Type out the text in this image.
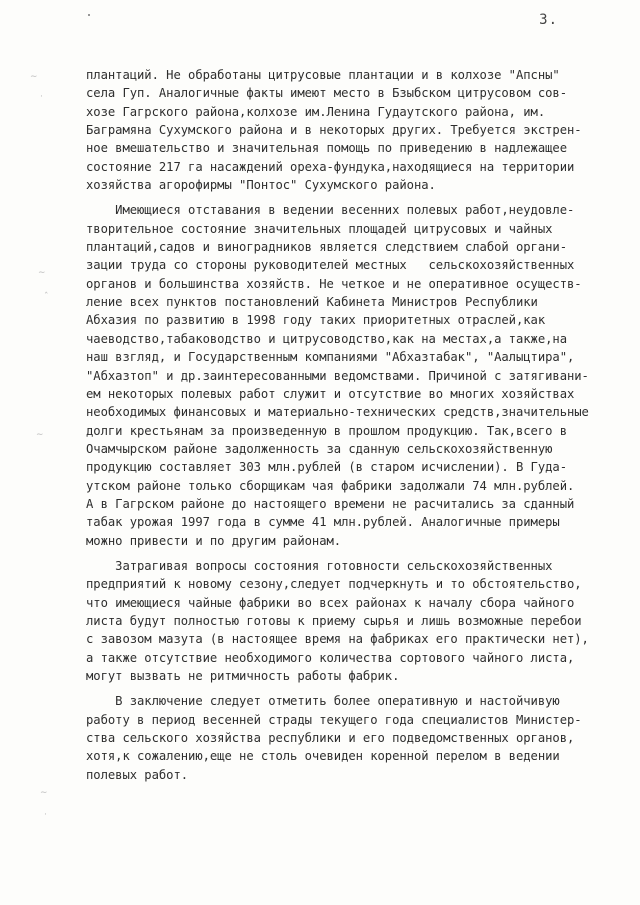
3.
∼
‧
∼
ˆ
∼
∼
‧
плантаций. Не обработаны цитрусовые плантации и в колхозе "Апсны"
села Гуп. Аналогичные факты имеют место в Бзыбском цитрусовом сов-
хозе Гагрского района,колхозе им.Ленина Гудаутского района, им.
Баграмяна Сухумского района и в некоторых других. Требуется экстрен-
ное вмешательство и значительная помощь по приведению в надлежащее
состояние 217 га насаждений ореха-фундука,находящиеся на территории
хозяйства агорофирмы "Понтос" Сухумского района.
Имеющиеся отставания в ведении весенних полевых работ,неудовле-
творительное состояние значительных площадей цитрусовых и чайных
плантаций,садов и виноградников является следствием слабой органи-
зации труда со стороны руководителей местных   сельскохозяйственных
органов и большинства хозяйств. Не четкое и не оперативное осуществ-
ление всех пунктов постановлений Кабинета Министров Республики
Абхазия по развитию в 1998 году таких приоритетных отраслей,как
чаеводство,табаководство и цитрусоводство,как на местах,а также,на
наш взгляд, и Государственным компаниями "Абхазтабак", "Аалыцтира",
"Абхазтоп" и др.заинтересованными ведомствами. Причиной с затягивани-
ем некоторых полевых работ служит и отсутствие во многих хозяйствах
необходимых финансовых и материально-технических средств,значительные
долги крестьянам за произведенную в прошлом продукцию. Так,всего в
Очамчырском районе задолженность за сданную сельскохозяйственную
продукцию составляет 303 млн.рублей (в старом исчислении). В Гуда-
утском районе только сборщикам чая фабрики задолжали 74 млн.рублей.
А в Гагрском районе до настоящего времени не расчитались за сданный
табак урожая 1997 года в сумме 41 млн.рублей. Аналогичные примеры
можно привести и по другим районам.
Затрагивая вопросы состояния готовности сельскохозяйственных
предприятий к новому сезону,следует подчеркнуть и то обстоятельство,
что имеющиеся чайные фабрики во всех районах к началу сбора чайного
листа будут полностью готовы к приему сырья и лишь возможные перебои
с завозом мазута (в настоящее время на фабриках его практически нет),
а также отсутствие необходимого количества сортового чайного листа,
могут вызвать не ритмичность работы фабрик.
В заключение следует отметить более оперативную и настойчивую
работу в период весенней страды текущего года специалистов Министер-
ства сельского хозяйства республики и его подведомственных органов,
хотя,к сожалению,еще не столь очевиден коренной перелом в ведении
полевых работ.
